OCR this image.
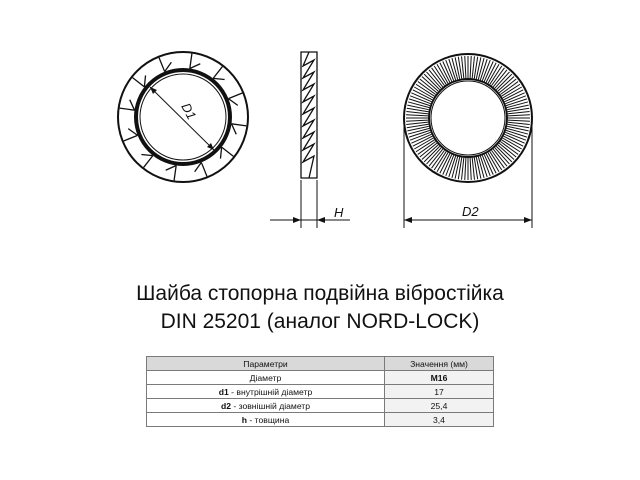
D1
H	D2
Шайба стопорна подвійна вібростійка
DIN 25201 (аналог NORD-LOCK)
Параметри	Значення (мм)
Діаметр	M16
d1 - внутрішній діаметр	17
d2 - зовнішній діаметр	25,4
h - товщина	3,4
